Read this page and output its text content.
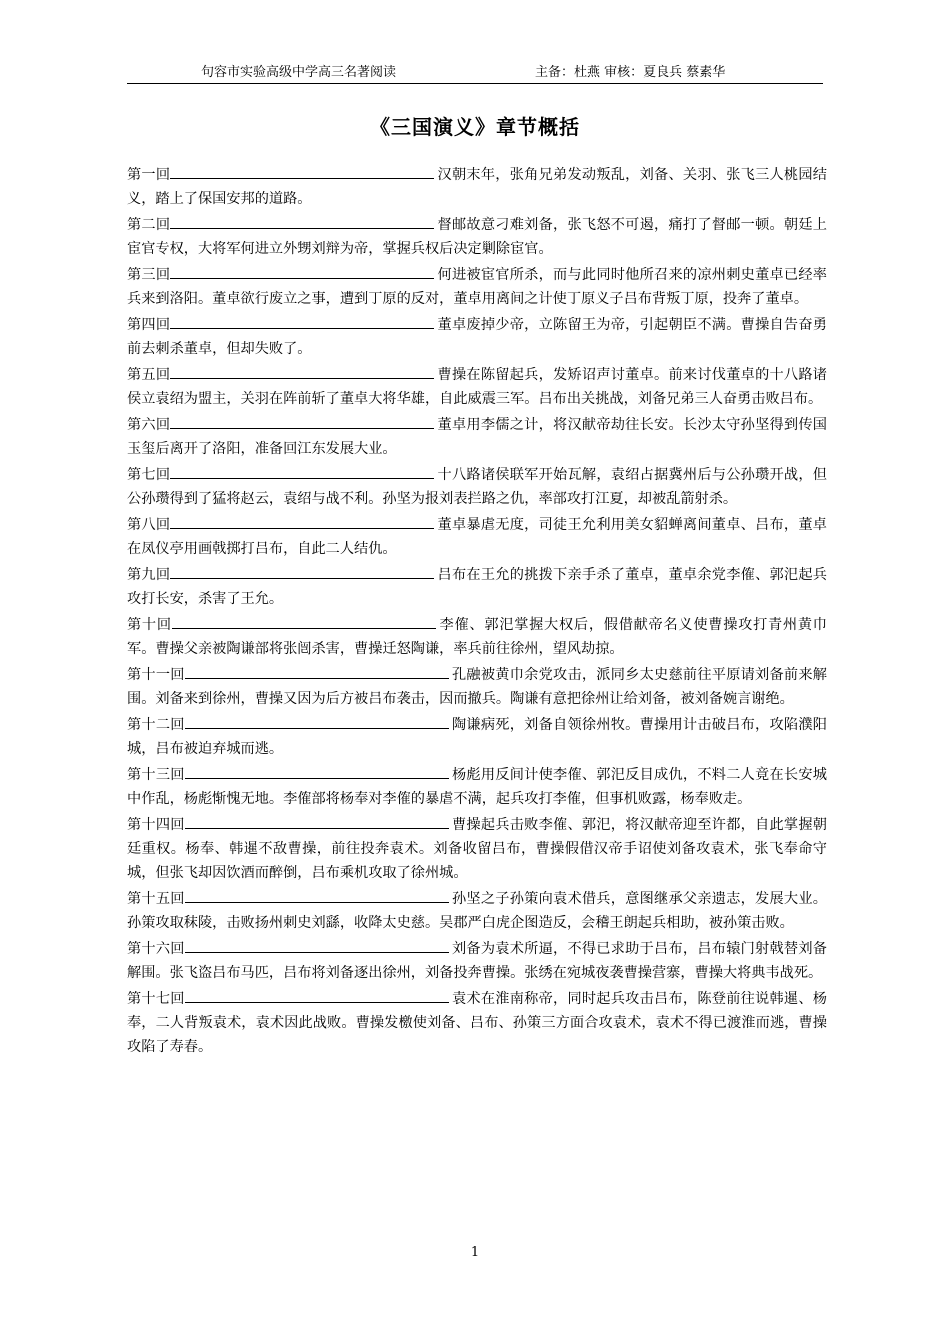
句容市实验高级中学高三名著阅读	主备：杜燕 审核：夏良兵 蔡素华
《三国演义》章节概括
第一回	汉朝末年，张角兄弟发动叛乱，刘备、关羽、张飞三人桃园结义，踏上了保国安邦的道路。
第二回	督邮故意刁难刘备，张飞怒不可遏，痛打了督邮一顿。朝廷上宦官专权，大将军何进立外甥刘辩为帝，掌握兵权后决定剿除宦官。
第三回	何进被宦官所杀，而与此同时他所召来的凉州刺史董卓已经率兵来到洛阳。董卓欲行废立之事，遭到丁原的反对，董卓用离间之计使丁原义子吕布背叛丁原，投奔了董卓。
第四回	董卓废掉少帝，立陈留王为帝，引起朝臣不满。曹操自告奋勇前去刺杀董卓，但却失败了。
第五回	曹操在陈留起兵，发矫诏声讨董卓。前来讨伐董卓的十八路诸侯立袁绍为盟主，关羽在阵前斩了董卓大将华雄，自此威震三军。吕布出关挑战，刘备兄弟三人奋勇击败吕布。
第六回	董卓用李儒之计，将汉献帝劫往长安。长沙太守孙坚得到传国玉玺后离开了洛阳，准备回江东发展大业。
第七回	十八路诸侯联军开始瓦解，袁绍占据冀州后与公孙瓒开战，但公孙瓒得到了猛将赵云，袁绍与战不利。孙坚为报刘表拦路之仇，率部攻打江夏，却被乱箭射杀。
第八回	董卓暴虐无度，司徒王允利用美女貂蝉离间董卓、吕布，董卓在凤仪亭用画戟掷打吕布，自此二人结仇。
第九回	吕布在王允的挑拨下亲手杀了董卓，董卓余党李傕、郭汜起兵攻打长安，杀害了王允。
第十回	李傕、郭汜掌握大权后，假借献帝名义使曹操攻打青州黄巾军。曹操父亲被陶谦部将张闿杀害，曹操迁怒陶谦，率兵前往徐州，望风劫掠。
第十一回	孔融被黄巾余党攻击，派同乡太史慈前往平原请刘备前来解围。刘备来到徐州，曹操又因为后方被吕布袭击，因而撤兵。陶谦有意把徐州让给刘备，被刘备婉言谢绝。
第十二回	陶谦病死，刘备自领徐州牧。曹操用计击破吕布，攻陷濮阳城，吕布被迫弃城而逃。
第十三回	杨彪用反间计使李傕、郭汜反目成仇，不料二人竟在长安城中作乱，杨彪惭愧无地。李傕部将杨奉对李傕的暴虐不满，起兵攻打李傕，但事机败露，杨奉败走。
第十四回	曹操起兵击败李傕、郭汜，将汉献帝迎至许都，自此掌握朝廷重权。杨奉、韩暹不敌曹操，前往投奔袁术。刘备收留吕布，曹操假借汉帝手诏使刘备攻袁术，张飞奉命守城，但张飞却因饮酒而醉倒，吕布乘机攻取了徐州城。
第十五回	孙坚之子孙策向袁术借兵，意图继承父亲遗志，发展大业。孙策攻取秣陵，击败扬州刺史刘繇，收降太史慈。吴郡严白虎企图造反，会稽王朗起兵相助，被孙策击败。
第十六回	刘备为袁术所逼，不得已求助于吕布，吕布辕门射戟替刘备解围。张飞盗吕布马匹，吕布将刘备逐出徐州，刘备投奔曹操。张绣在宛城夜袭曹操营寨，曹操大将典韦战死。
第十七回	袁术在淮南称帝，同时起兵攻击吕布，陈登前往说韩暹、杨奉，二人背叛袁术，袁术因此战败。曹操发檄使刘备、吕布、孙策三方面合攻袁术，袁术不得已渡淮而逃，曹操攻陷了寿春。
1
